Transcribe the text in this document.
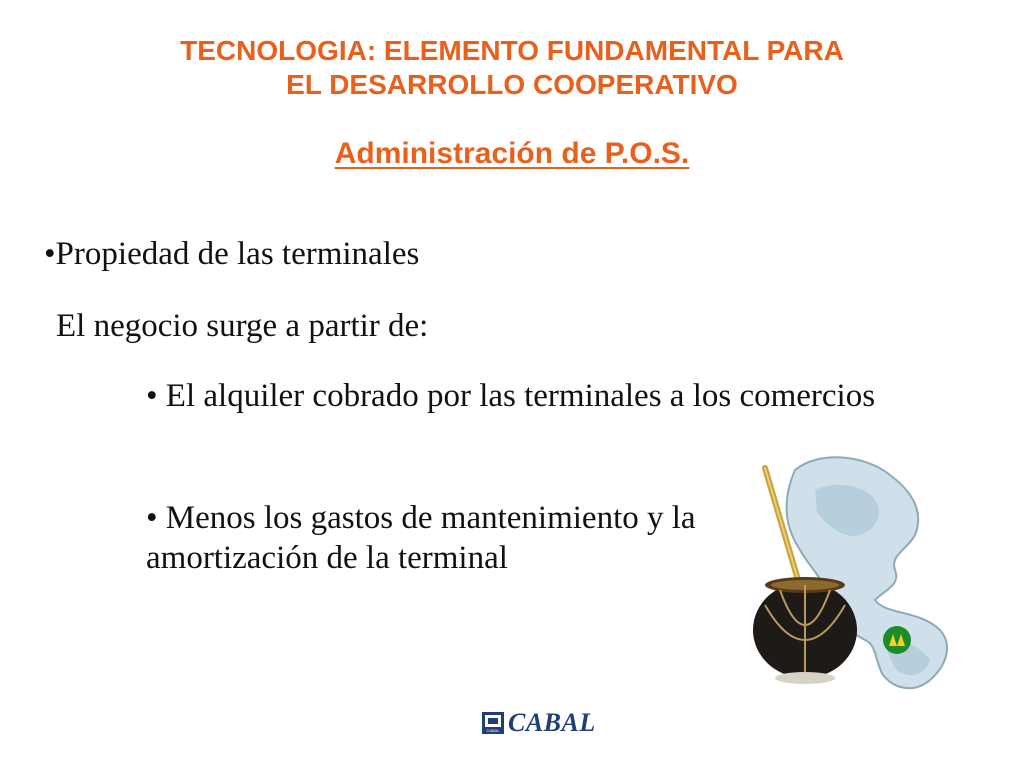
TECNOLOGIA: ELEMENTO FUNDAMENTAL PARA
EL DESARROLLO COOPERATIVO
Administración de P.O.S.

•Propiedad de las terminales

El negocio surge a partir de:

• El alquiler cobrado por las terminales a los comercios

• Menos los gastos de mantenimiento y la amortización de la terminal

CABAL CABAL
